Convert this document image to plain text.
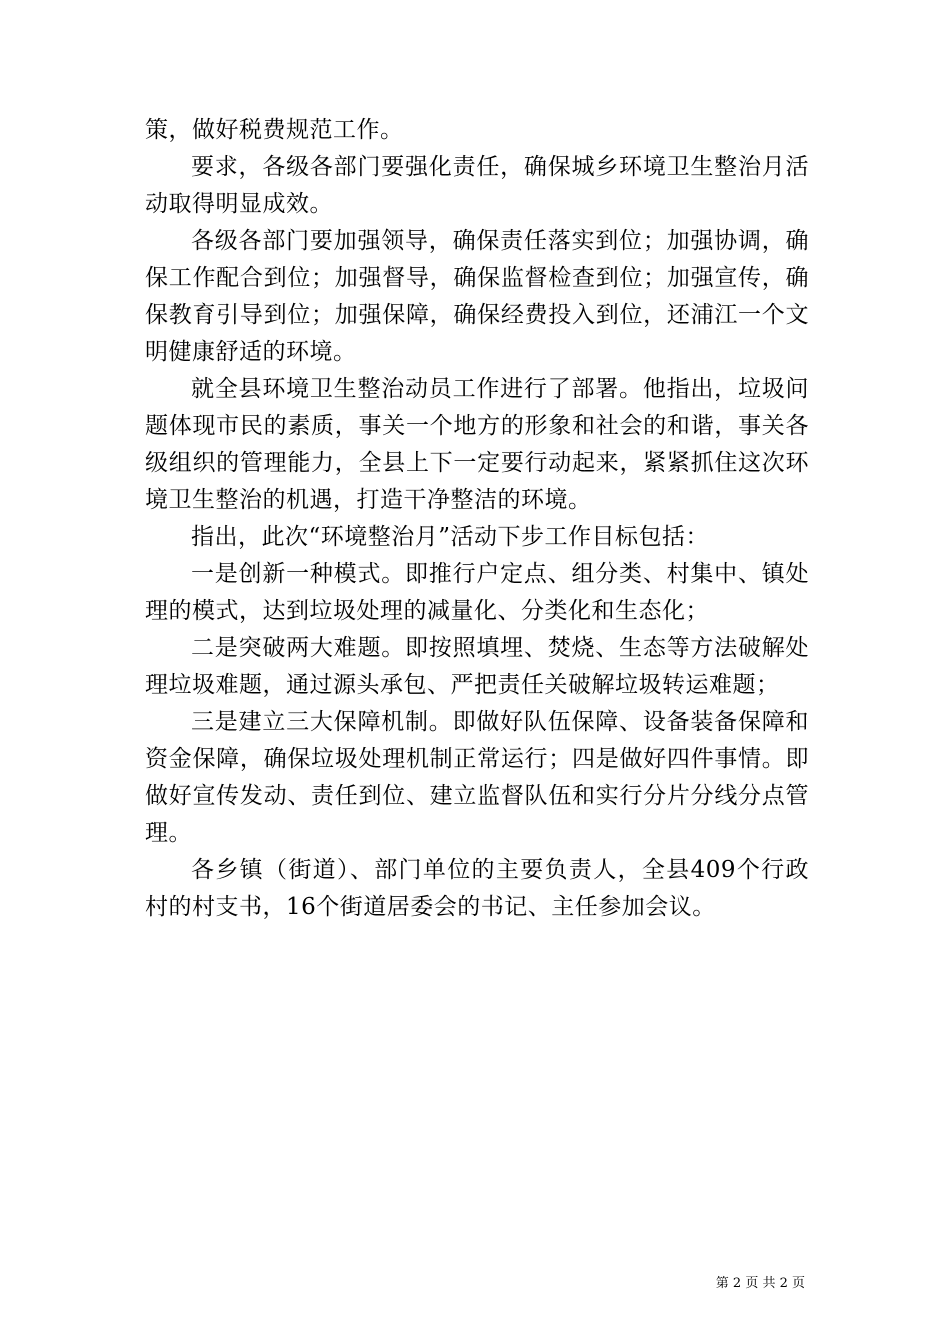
策，做好税费规范工作。

要求，各级各部门要强化责任，确保城乡环境卫生整治月活动取得明显成效。

各级各部门要加强领导，确保责任落实到位；加强协调，确保工作配合到位；加强督导，确保监督检查到位；加强宣传，确保教育引导到位；加强保障，确保经费投入到位，还浦江一个文明健康舒适的环境。

就全县环境卫生整治动员工作进行了部署。他指出，垃圾问题体现市民的素质，事关一个地方的形象和社会的和谐，事关各级组织的管理能力，全县上下一定要行动起来，紧紧抓住这次环境卫生整治的机遇，打造干净整洁的环境。

指出，此次“环境整治月”活动下步工作目标包括：

一是创新一种模式。即推行户定点、组分类、村集中、镇处理的模式，达到垃圾处理的减量化、分类化和生态化；

二是突破两大难题。即按照填埋、焚烧、生态等方法破解处理垃圾难题，通过源头承包、严把责任关破解垃圾转运难题；

三是建立三大保障机制。即做好队伍保障、设备装备保障和资金保障，确保垃圾处理机制正常运行；四是做好四件事情。即做好宣传发动、责任到位、建立监督队伍和实行分片分线分点管理。

各乡镇（街道）、部门单位的主要负责人，全县409个行政村的村支书，16个街道居委会的书记、主任参加会议。

第 2 页 共 2 页
